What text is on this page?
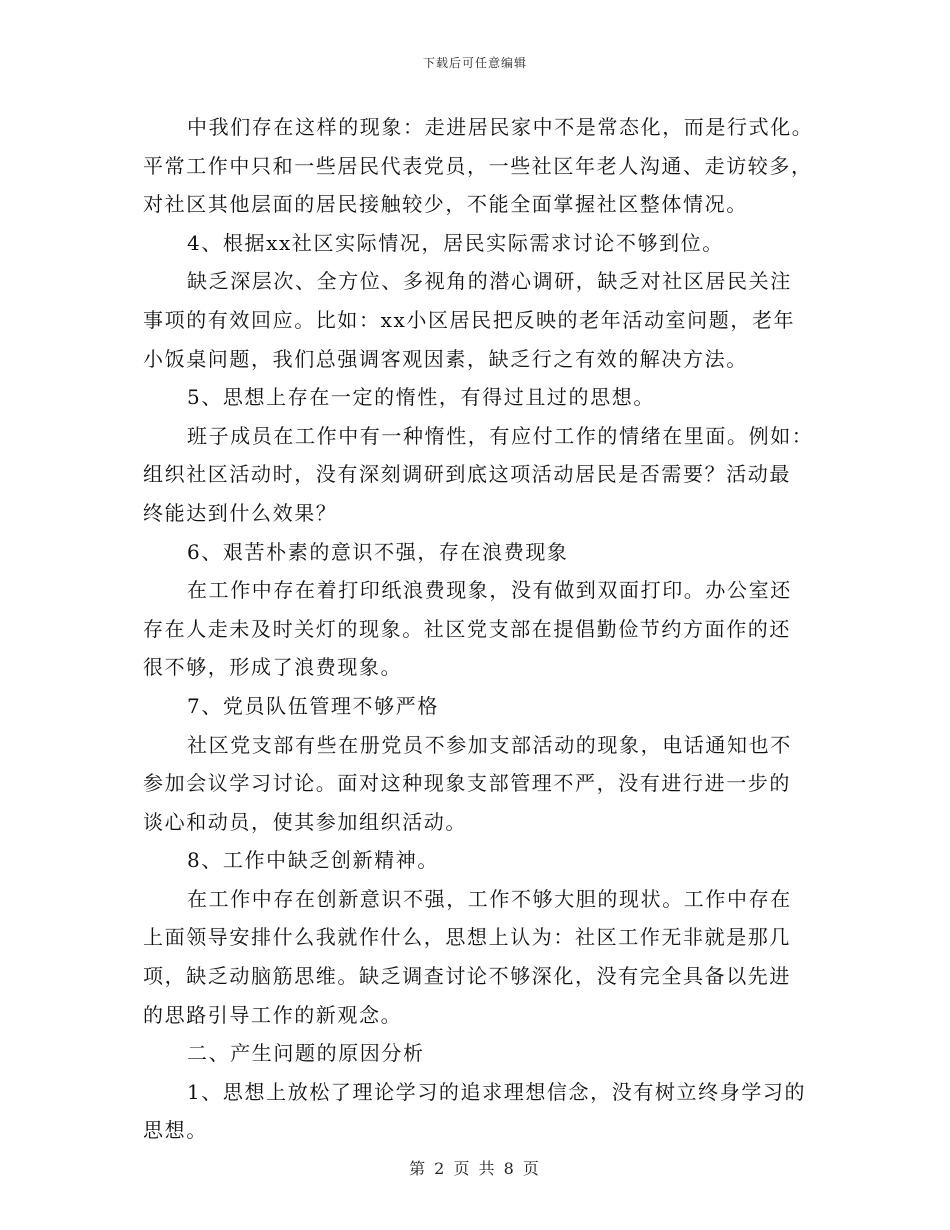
下载后可任意编辑
中我们存在这样的现象：走进居民家中不是常态化，而是行式化。
平常工作中只和一些居民代表党员，一些社区年老人沟通、走访较多，
对社区其他层面的居民接触较少，不能全面掌握社区整体情况。
4、根据xx社区实际情况，居民实际需求讨论不够到位。
缺乏深层次、全方位、多视角的潜心调研，缺乏对社区居民关注
事项的有效回应。比如：xx小区居民把反映的老年活动室问题，老年
小饭桌问题，我们总强调客观因素，缺乏行之有效的解决方法。
5、思想上存在一定的惰性，有得过且过的思想。
班子成员在工作中有一种惰性，有应付工作的情绪在里面。例如：
组织社区活动时，没有深刻调研到底这项活动居民是否需要？活动最
终能达到什么效果？
6、艰苦朴素的意识不强，存在浪费现象
在工作中存在着打印纸浪费现象，没有做到双面打印。办公室还
存在人走未及时关灯的现象。社区党支部在提倡勤俭节约方面作的还
很不够，形成了浪费现象。
7、党员队伍管理不够严格
社区党支部有些在册党员不参加支部活动的现象，电话通知也不
参加会议学习讨论。面对这种现象支部管理不严，没有进行进一步的
谈心和动员，使其参加组织活动。
8、工作中缺乏创新精神。
在工作中存在创新意识不强，工作不够大胆的现状。工作中存在
上面领导安排什么我就作什么，思想上认为：社区工作无非就是那几
项，缺乏动脑筋思维。缺乏调查讨论不够深化，没有完全具备以先进
的思路引导工作的新观念。
二、产生问题的原因分析
1、思想上放松了理论学习的追求理想信念，没有树立终身学习的
思想。
第 2 页 共 8 页
